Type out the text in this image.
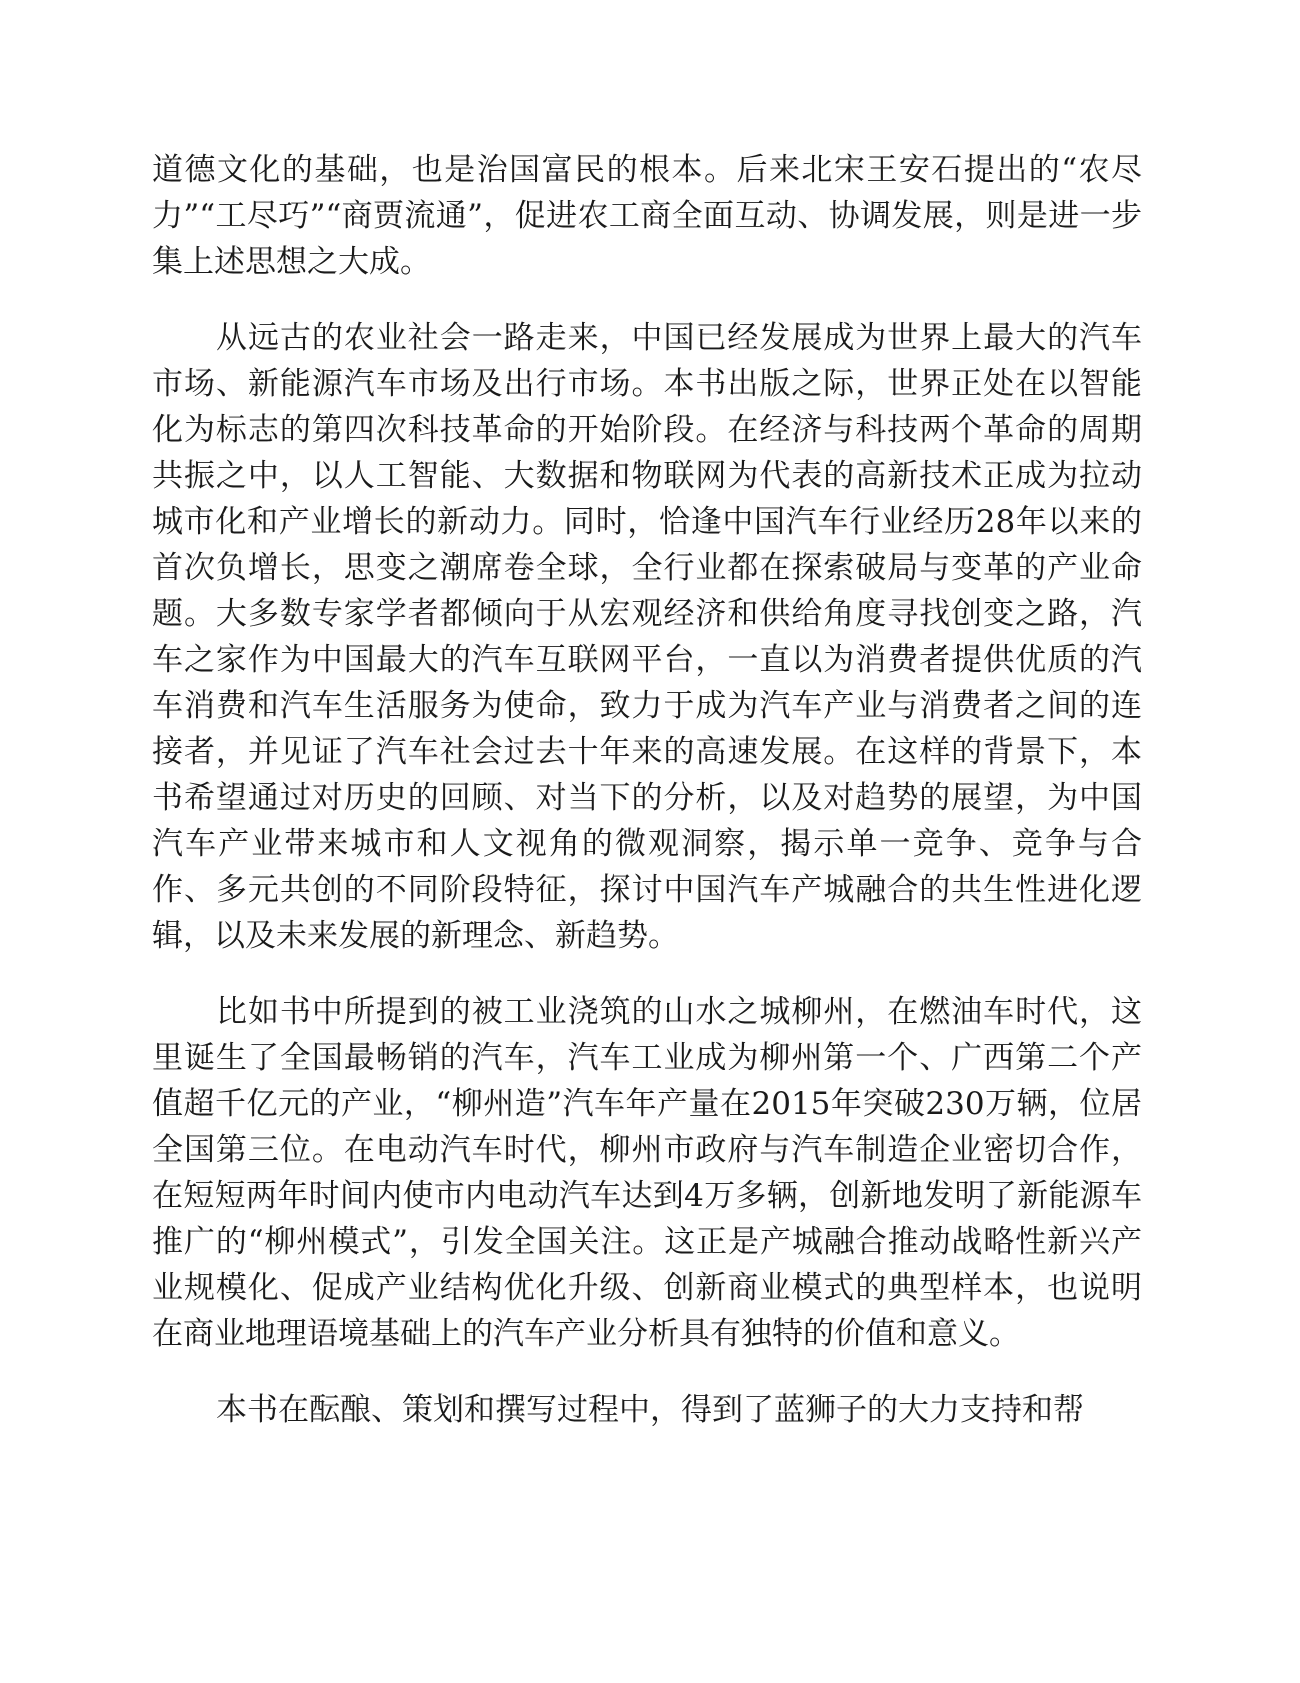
道德文化的基础，也是治国富民的根本。后来北宋王安石提出的“农尽力”“工尽巧”“商贾流通”，促进农工商全面互动、协调发展，则是进一步集上述思想之大成。

从远古的农业社会一路走来，中国已经发展成为世界上最大的汽车市场、新能源汽车市场及出行市场。本书出版之际，世界正处在以智能化为标志的第四次科技革命的开始阶段。在经济与科技两个革命的周期共振之中，以人工智能、大数据和物联网为代表的高新技术正成为拉动城市化和产业增长的新动力。同时，恰逢中国汽车行业经历28年以来的首次负增长，思变之潮席卷全球，全行业都在探索破局与变革的产业命题。大多数专家学者都倾向于从宏观经济和供给角度寻找创变之路，汽车之家作为中国最大的汽车互联网平台，一直以为消费者提供优质的汽车消费和汽车生活服务为使命，致力于成为汽车产业与消费者之间的连接者，并见证了汽车社会过去十年来的高速发展。在这样的背景下，本书希望通过对历史的回顾、对当下的分析，以及对趋势的展望，为中国汽车产业带来城市和人文视角的微观洞察，揭示单一竞争、竞争与合作、多元共创的不同阶段特征，探讨中国汽车产城融合的共生性进化逻辑，以及未来发展的新理念、新趋势。

比如书中所提到的被工业浇筑的山水之城柳州，在燃油车时代，这里诞生了全国最畅销的汽车，汽车工业成为柳州第一个、广西第二个产值超千亿元的产业，“柳州造”汽车年产量在2015年突破230万辆，位居全国第三位。在电动汽车时代，柳州市政府与汽车制造企业密切合作，在短短两年时间内使市内电动汽车达到4万多辆，创新地发明了新能源车推广的“柳州模式”，引发全国关注。这正是产城融合推动战略性新兴产业规模化、促成产业结构优化升级、创新商业模式的典型样本，也说明在商业地理语境基础上的汽车产业分析具有独特的价值和意义。

本书在酝酿、策划和撰写过程中，得到了蓝狮子的大力支持和帮
